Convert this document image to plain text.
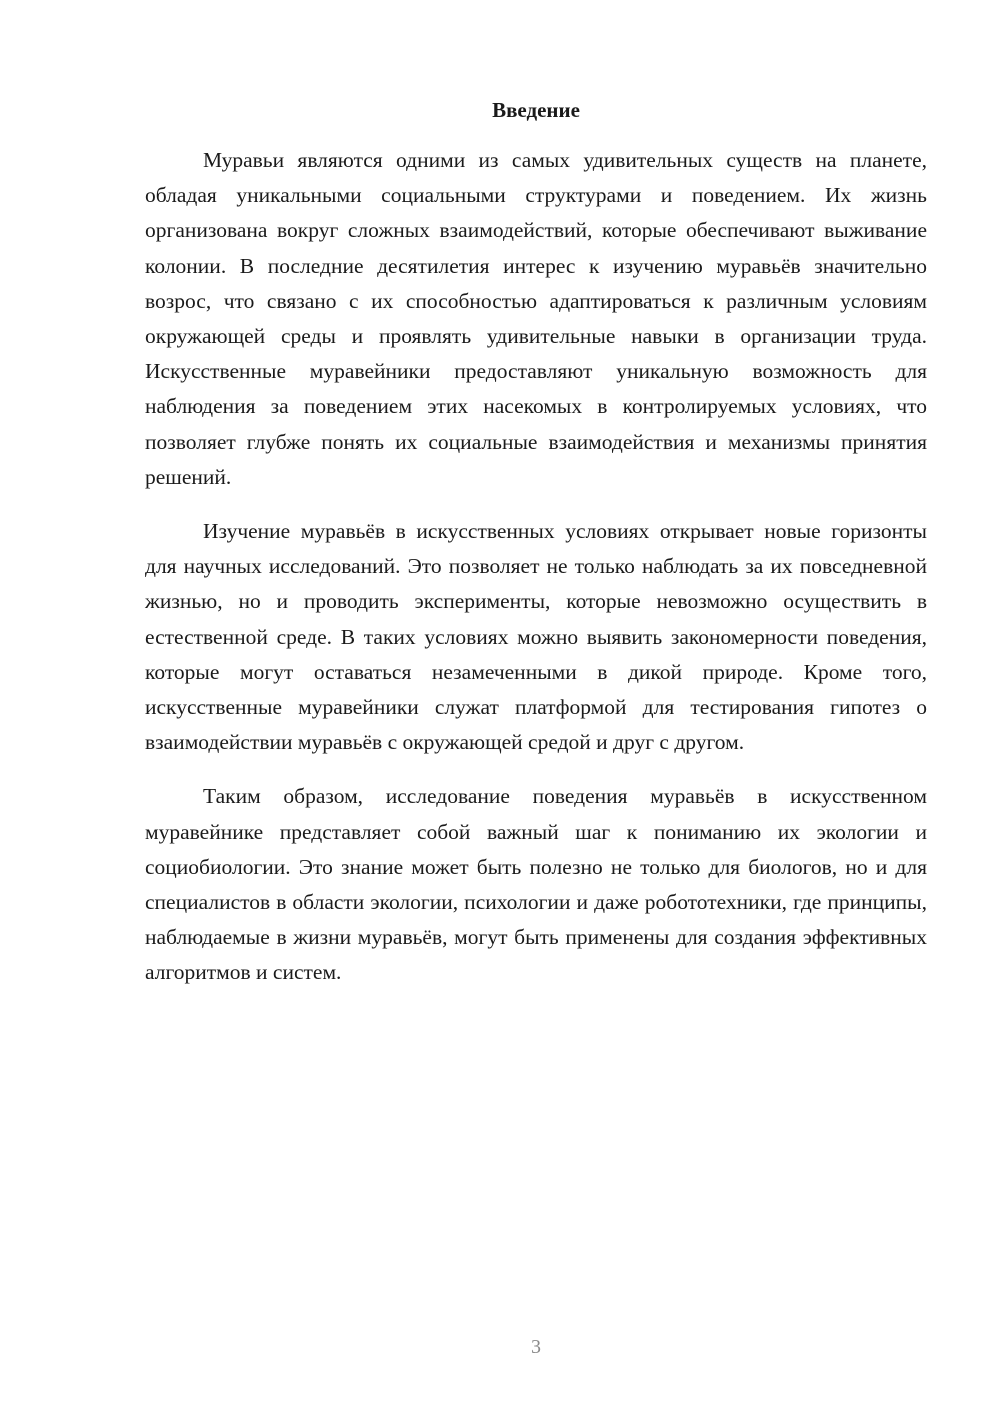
Введение

Муравьи являются одними из самых удивительных существ на планете, обладая уникальными социальными структурами и поведением. Их жизнь организована вокруг сложных взаимодействий, которые обеспечивают выживание колонии. В последние десятилетия интерес к изучению муравьёв значительно возрос, что связано с их способностью адаптироваться к различным условиям окружающей среды и проявлять удивительные навыки в организации труда. Искусственные муравейники предоставляют уникальную возможность для наблюдения за поведением этих насекомых в контролируемых условиях, что позволяет глубже понять их социальные взаимодействия и механизмы принятия решений.

Изучение муравьёв в искусственных условиях открывает новые горизонты для научных исследований. Это позволяет не только наблюдать за их повседневной жизнью, но и проводить эксперименты, которые невозможно осуществить в естественной среде. В таких условиях можно выявить закономерности поведения, которые могут оставаться незамеченными в дикой природе. Кроме того, искусственные муравейники служат платформой для тестирования гипотез о взаимодействии муравьёв с окружающей средой и друг с другом.

Таким образом, исследование поведения муравьёв в искусственном муравейнике представляет собой важный шаг к пониманию их экологии и социобиологии. Это знание может быть полезно не только для биологов, но и для специалистов в области экологии, психологии и даже робототехники, где принципы, наблюдаемые в жизни муравьёв, могут быть применены для создания эффективных алгоритмов и систем.

3
